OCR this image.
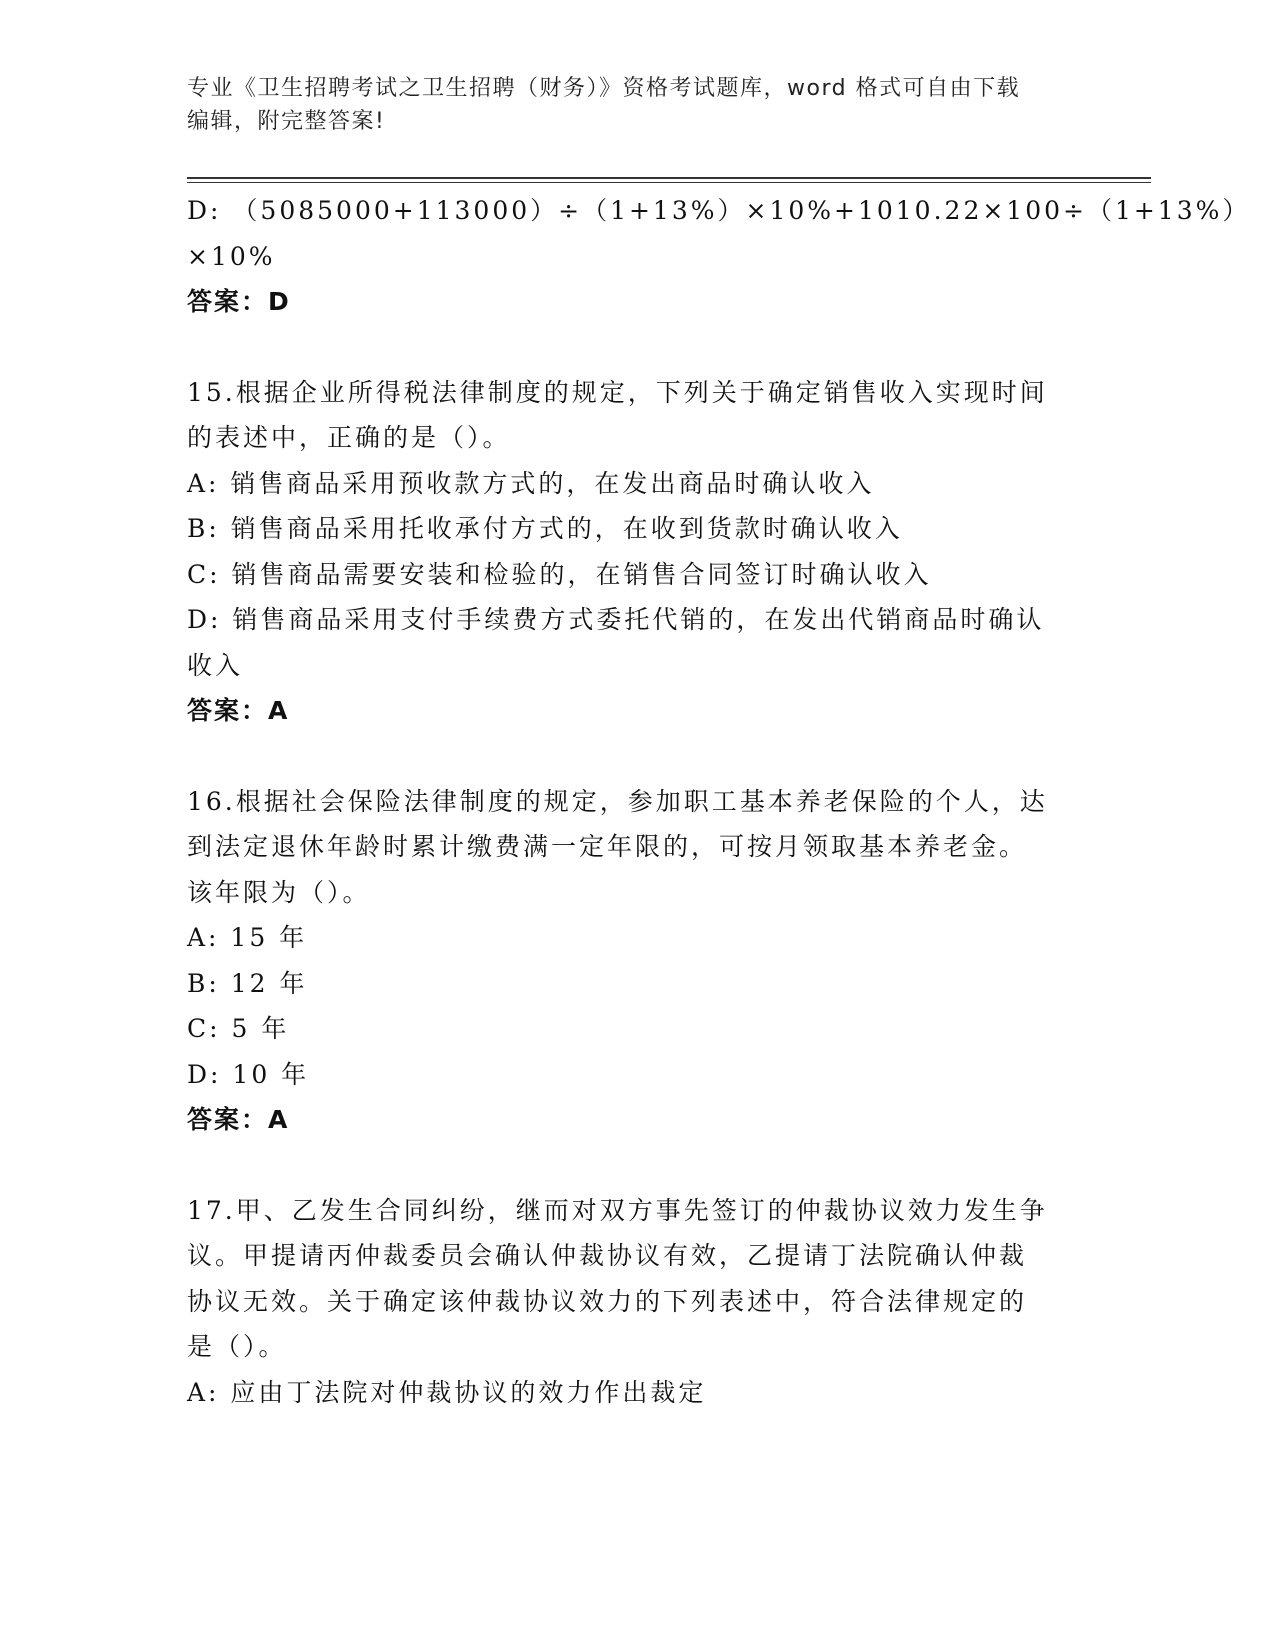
专业《卫生招聘考试之卫生招聘（财务）》资格考试题库，word 格式可自由下载
编辑，附完整答案!
D: （5085000+113000）÷（1+13%）×10%+1010.22×100÷（1+13%）
×10%
答案：D
15.根据企业所得税法律制度的规定，下列关于确定销售收入实现时间
的表述中，正确的是（）。
A: 销售商品采用预收款方式的，在发出商品时确认收入
B: 销售商品采用托收承付方式的，在收到货款时确认收入
C: 销售商品需要安装和检验的，在销售合同签订时确认收入
D: 销售商品采用支付手续费方式委托代销的，在发出代销商品时确认
收入
答案：A
16.根据社会保险法律制度的规定，参加职工基本养老保险的个人，达
到法定退休年龄时累计缴费满一定年限的，可按月领取基本养老金。
该年限为（）。
A: 15 年
B: 12 年
C: 5 年
D: 10 年
答案：A
17.甲、乙发生合同纠纷，继而对双方事先签订的仲裁协议效力发生争
议。甲提请丙仲裁委员会确认仲裁协议有效，乙提请丁法院确认仲裁
协议无效。关于确定该仲裁协议效力的下列表述中，符合法律规定的
是（）。
A: 应由丁法院对仲裁协议的效力作出裁定
